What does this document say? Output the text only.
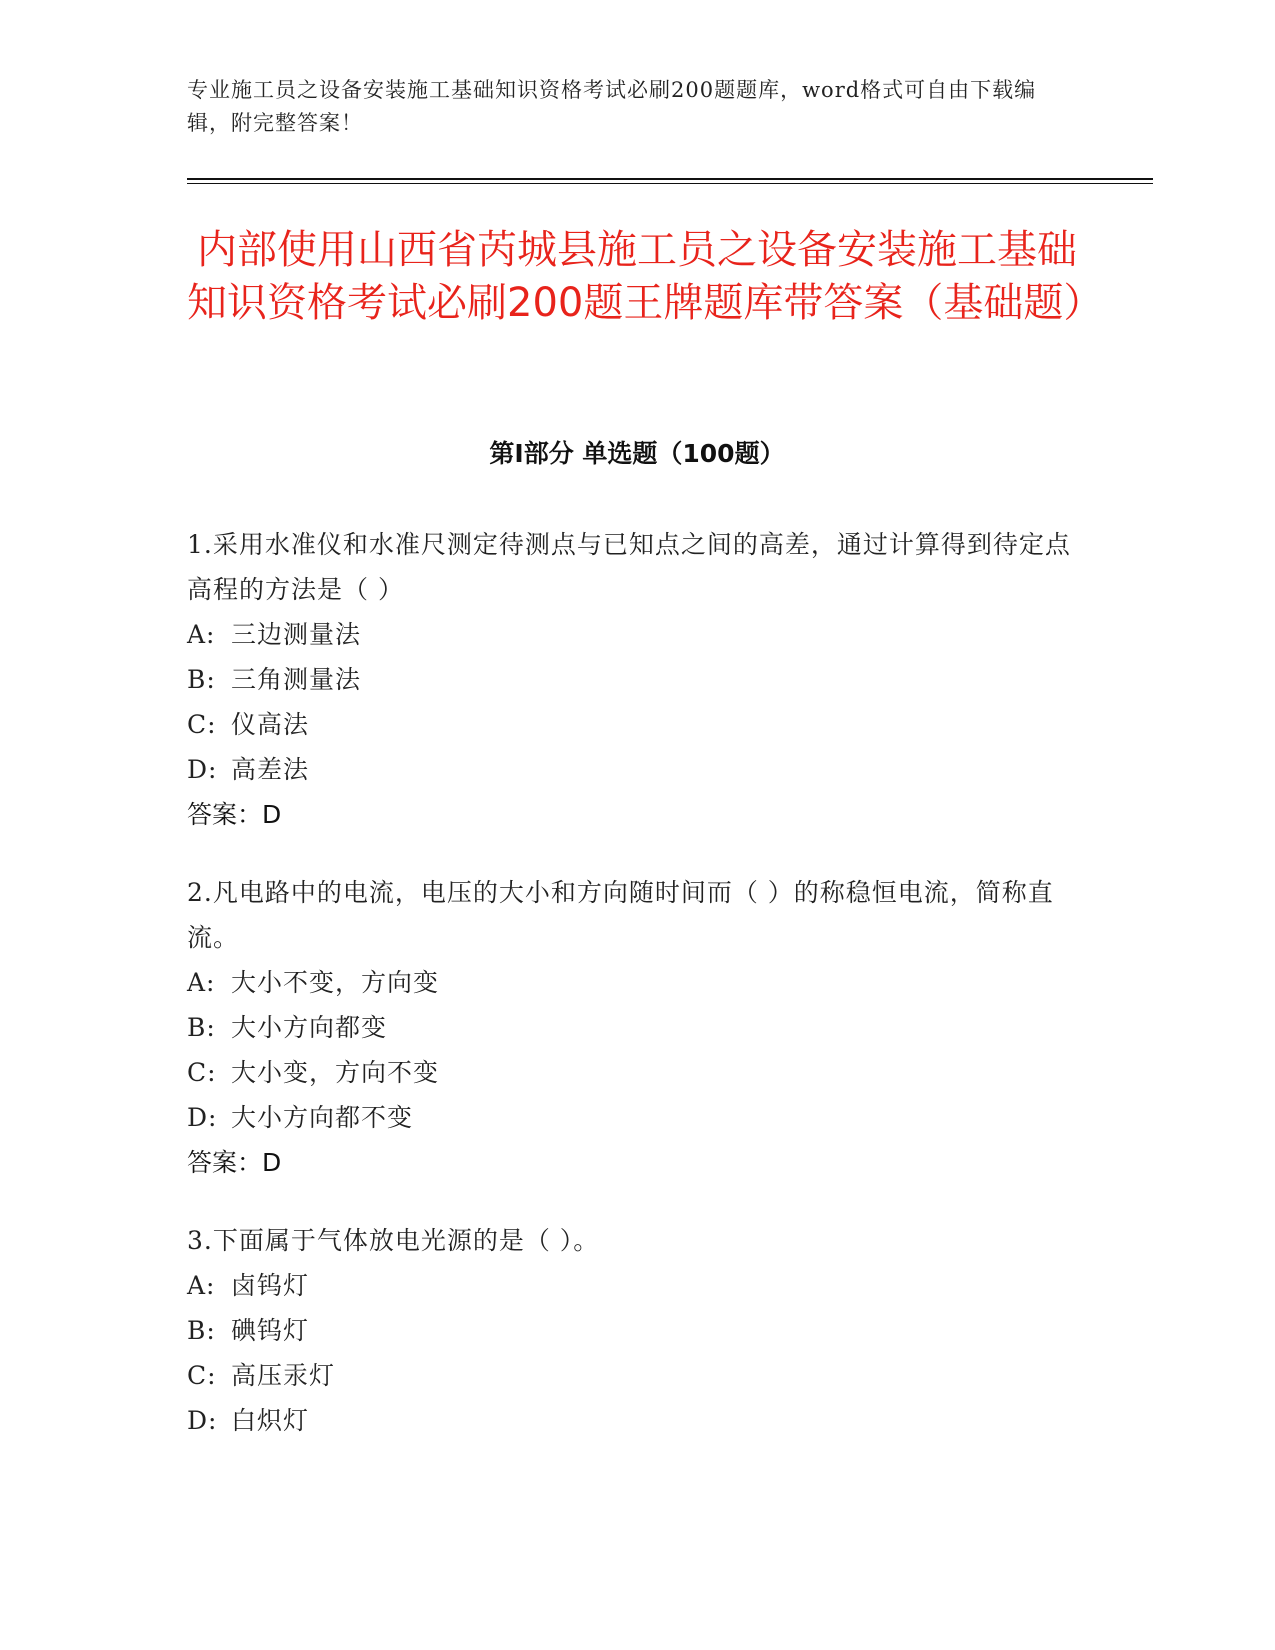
专业施工员之设备安装施工基础知识资格考试必刷200题题库，word格式可自由下载编辑，附完整答案！
内部使用山西省芮城县施工员之设备安装施工基础知识资格考试必刷200题王牌题库带答案（基础题）
第Ⅰ部分 单选题（100题）

1.采用水准仪和水准尺测定待测点与已知点之间的高差，通过计算得到待定点高程的方法是（ ）

A: 三边测量法

B: 三角测量法

C: 仪高法

D: 高差法

答案：D

2.凡电路中的电流，电压的大小和方向随时间而（ ）的称稳恒电流，简称直流。

A: 大小不变，方向变

B: 大小方向都变

C: 大小变，方向不变

D: 大小方向都不变

答案：D

3.下面属于气体放电光源的是（ ）。

A: 卤钨灯

B: 碘钨灯

C: 高压汞灯

D: 白炽灯
